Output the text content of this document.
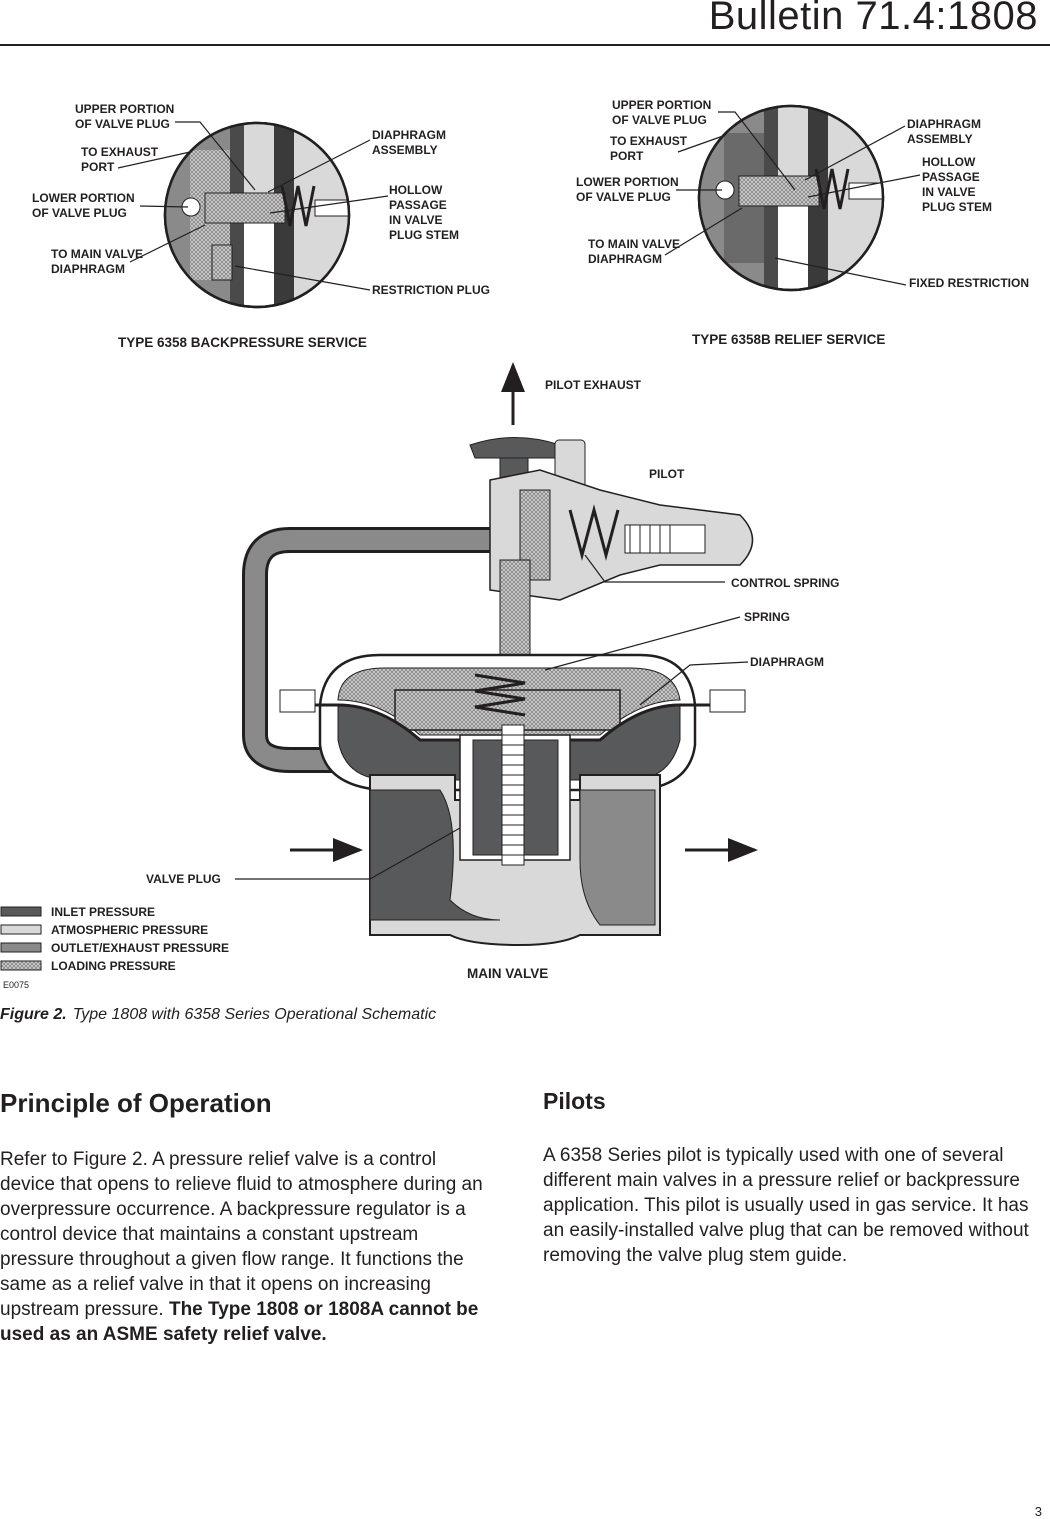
Bulletin 71.4:1808
UPPER PORTION OF VALVE PLUG
TO EXHAUST PORT
LOWER PORTION OF VALVE PLUG
TO MAIN VALVE DIAPHRAGM
DIAPHRAGM ASSEMBLY
HOLLOW PASSAGE IN VALVE PLUG STEM
RESTRICTION PLUG
TYPE 6358 BACKPRESSURE SERVICE
UPPER PORTION OF VALVE PLUG
TO EXHAUST PORT
LOWER PORTION OF VALVE PLUG
TO MAIN VALVE DIAPHRAGM
DIAPHRAGM ASSEMBLY
HOLLOW PASSAGE IN VALVE PLUG STEM
FIXED RESTRICTION
TYPE 6358B RELIEF SERVICE
PILOT EXHAUST
PILOT
CONTROL SPRING
SPRING
DIAPHRAGM
VALVE PLUG
MAIN VALVE
INLET PRESSURE
ATMOSPHERIC PRESSURE
OUTLET/EXHAUST PRESSURE
LOADING PRESSURE
E0075
Figure 2. Type 1808 with 6358 Series Operational Schematic
Principle of Operation

Refer to Figure 2. A pressure relief valve is a control device that opens to relieve fluid to atmosphere during an overpressure occurrence. A backpressure regulator is a control device that maintains a constant upstream pressure throughout a given flow range. It functions the same as a relief valve in that it opens on increasing upstream pressure. The Type 1808 or 1808A cannot be used as an ASME safety relief valve.

Pilots

A 6358 Series pilot is typically used with one of several different main valves in a pressure relief or backpressure application. This pilot is usually used in gas service. It has an easily-installed valve plug that can be removed without removing the valve plug stem guide.

3
